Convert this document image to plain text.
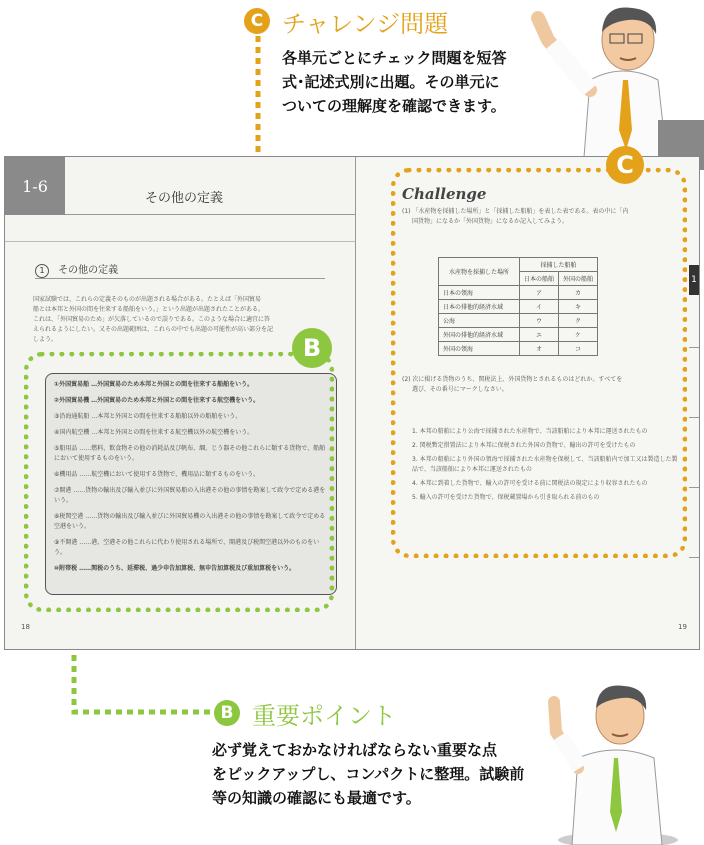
C チャレンジ問題
各単元ごとにチェック問題を短答
式･記述式別に出題。その単元に
ついての理解度を確認できます。
1-6
その他の定義
1 その他の定義
国家試験では、これらの定義そのものが出題される場合がある。たとえば「外国貿易
船とは本邦と外国の間を往来する船舶をいう。」という出題が出題されたことがある。
これは、「外国貿易のため」が欠落しているので誤りである。このような場合に適宜に答
えられるようにしたい。又その出題範囲は、これらの中でも出題の可能性が高い部分を記
しよう。
①外国貿易船 …外国貿易のため本邦と外国との間を往来する船舶をいう。
②外国貿易機 …外国貿易のため本邦と外国との間を往来する航空機をいう。
③沿海通航船 …本邦と外国との間を往来する船舶以外の船舶をいう。
④国内航空機 …本邦と外国との間を往来する航空機以外の航空機をいう。
⑤船用品 ……燃料、飲食物その他の消耗品及び帆布、綱、じう器その他これらに類する貨物で、船舶において使用するものをいう。
⑥機用品 ……航空機において使用する貨物で、機用品に類するものをいう。
⑦開港 ……貨物の輸出及び輸入並びに外国貿易船の入出港その他の事情を勘案して政令で定める港をいう。
⑧税関空港 ……貨物の輸出及び輸入並びに外国貿易機の入出港その他の事情を勘案して政令で定める空港をいう。
⑨不開港 ……港、空港その他これらに代わり使用される場所で、開港及び税関空港以外のものをいう。
⑩附帯税 ……関税のうち、延滞税、過少申告加算税、無申告加算税及び重加算税をいう。
18
Challenge
(1) 「水産物を採捕した場所」と「採捕した船舶」を表した表である。表の中に「内
国貨物」になるか「外国貨物」になるか記入してみよう。
水産物を採捕した場所	採捕した船舶	
	日本の船舶	外国の船舶
日本の領海	ア	カ
日本の排他的経済水域	イ	キ
公海	ウ	ク
外国の排他的経済水域	エ	ケ
外国の領海	オ	コ
(2) 次に掲げる貨物のうち、関税法上、外国貨物とされるものはどれか。すべてを
選び、その番号にマークしなさい。
1. 本邦の船舶により公海で採捕された水産物で、当該船舶により本邦に運送されたもの
2. 関税暫定措置法により本邦に保税された外国の貨物で、輸出の許可を受けたもの
3. 本邦の船舶により外国の領海で採捕された水産物を保税して、当該船舶内で加工又は製造した製品で、当該船舶により本邦に運送されたもの
4. 本邦に到着した貨物で、輸入の許可を受ける前に関税法の規定により収容されたもの
5. 輸入の許可を受けた貨物で、保税蔵置場から引き取られる前のもの
1
19
C
B
B 重要ポイント
必ず覚えておかなければならない重要な点
をピックアップし、コンパクトに整理。試験前
等の知識の確認にも最適です。
